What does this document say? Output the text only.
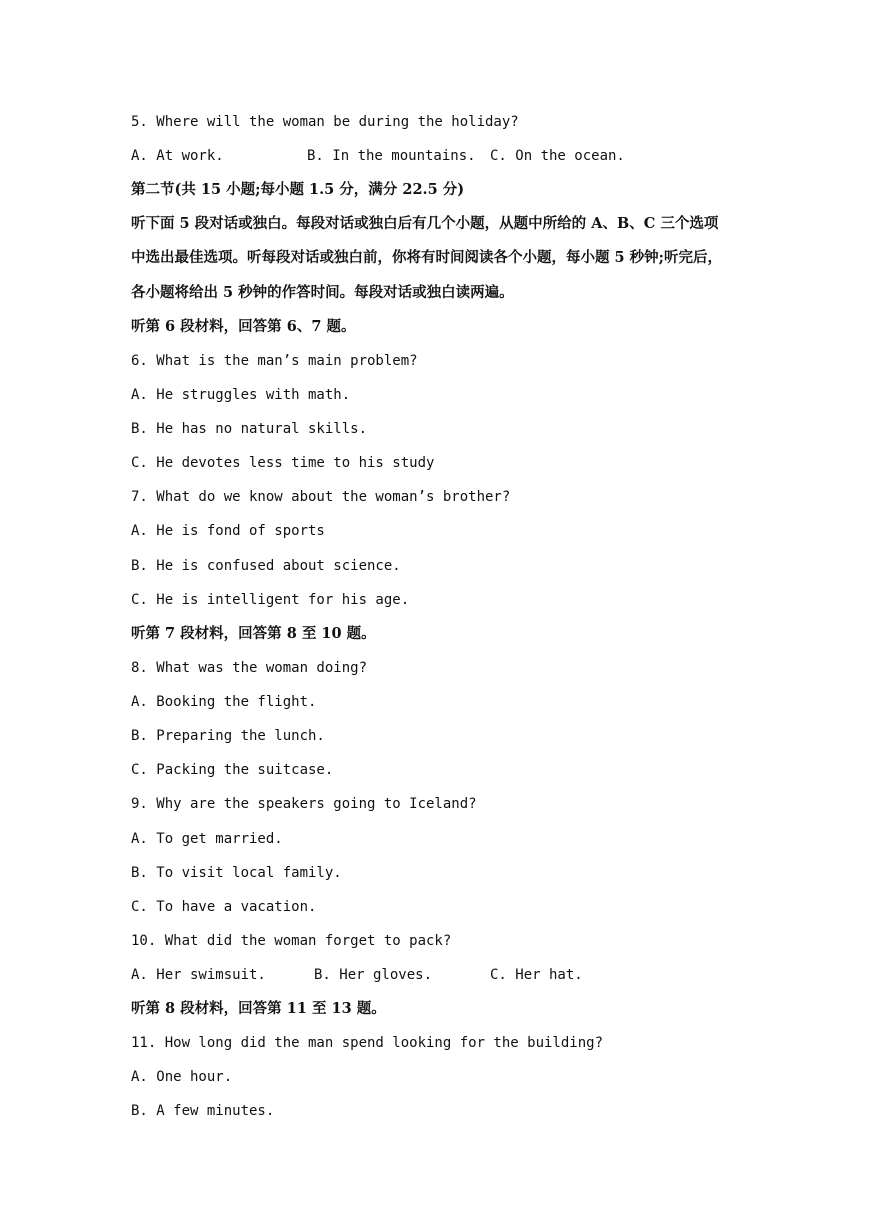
5. Where will the woman be during the holiday?
A. At work.	B. In the mountains. C. On the ocean.
第二节(共 15 小题;每小题 1.5 分，满分 22.5 分)
听下面 5 段对话或独白。每段对话或独白后有几个小题，从题中所给的 A、B、C 三个选项
中选出最佳选项。听每段对话或独白前，你将有时间阅读各个小题，每小题 5 秒钟;听完后，
各小题将给出 5 秒钟的作答时间。每段对话或独白读两遍。
听第 6 段材料，回答第 6、7 题。
6. What is the man’s main problem?
A. He struggles with math.
B. He has no natural skills.
C. He devotes less time to his study
7. What do we know about the woman’s brother?
A. He is fond of sports
B. He is confused about science.
C. He is intelligent for his age.
听第 7 段材料，回答第 8 至 10 题。
8. What was the woman doing?
A. Booking the flight.
B. Preparing the lunch.
C. Packing the suitcase.
9. Why are the speakers going to Iceland?
A. To get married.
B. To visit local family.
C. To have a vacation.
10. What did the woman forget to pack?
A. Her swimsuit.	B. Her gloves.	C. Her hat.
听第 8 段材料，回答第 11 至 13 题。
11. How long did the man spend looking for the building?
A. One hour.
B. A few minutes.
